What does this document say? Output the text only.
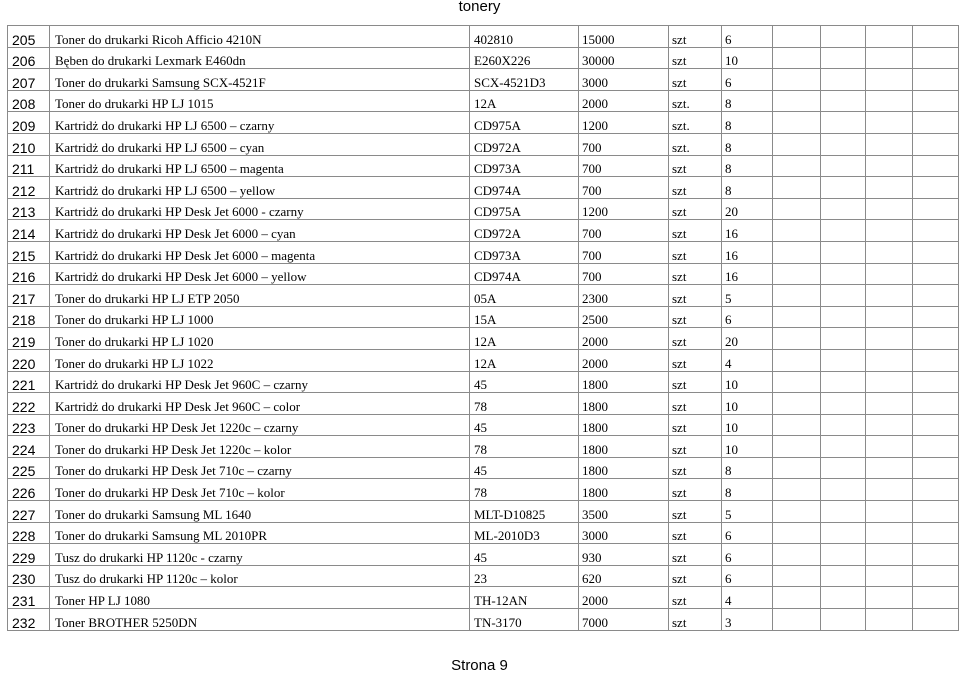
tonery
205	Toner do drukarki Ricoh Afficio 4210N	402810	15000	szt	6				
206	Bęben do drukarki Lexmark E460dn	E260X226	30000	szt	10				
207	Toner do drukarki Samsung SCX-4521F	SCX-4521D3	3000	szt	6				
208	Toner do drukarki HP LJ 1015	12A	2000	szt.	8				
209	Kartridż do drukarki HP LJ 6500 – czarny	CD975A	1200	szt.	8				
210	Kartridż do drukarki HP LJ 6500 – cyan	CD972A	700	szt.	8				
211	Kartridż do drukarki HP LJ 6500 – magenta	CD973A	700	szt	8				
212	Kartridż do drukarki HP LJ 6500 – yellow	CD974A	700	szt	8				
213	Kartridż do drukarki HP Desk Jet 6000 - czarny	CD975A	1200	szt	20				
214	Kartridż do drukarki HP Desk Jet 6000 – cyan	CD972A	700	szt	16				
215	Kartridż do drukarki HP Desk Jet 6000 – magenta	CD973A	700	szt	16				
216	Kartridż do drukarki HP Desk Jet 6000 – yellow	CD974A	700	szt	16				
217	Toner do drukarki HP LJ ETP 2050	05A	2300	szt	5				
218	Toner do drukarki HP LJ 1000	15A	2500	szt	6				
219	Toner do drukarki HP LJ 1020	12A	2000	szt	20				
220	Toner do drukarki HP LJ 1022	12A	2000	szt	4				
221	Kartridż do drukarki HP Desk Jet 960C – czarny	45	1800	szt	10				
222	Kartridż do drukarki HP Desk Jet 960C – color	78	1800	szt	10				
223	Toner do drukarki HP Desk Jet 1220c – czarny	45	1800	szt	10				
224	Toner do drukarki HP Desk Jet 1220c – kolor	78	1800	szt	10				
225	Toner do drukarki HP Desk Jet 710c – czarny	45	1800	szt	8				
226	Toner do drukarki HP Desk Jet 710c – kolor	78	1800	szt	8				
227	Toner do drukarki Samsung ML 1640	MLT-D10825	3500	szt	5				
228	Toner do drukarki Samsung ML 2010PR	ML-2010D3	3000	szt	6				
229	Tusz do drukarki HP 1120c - czarny	45	930	szt	6				
230	Tusz do drukarki HP 1120c – kolor	23	620	szt	6				
231	Toner HP LJ 1080	TH-12AN	2000	szt	4				
232	Toner BROTHER 5250DN	TN-3170	7000	szt	3				
Strona 9
